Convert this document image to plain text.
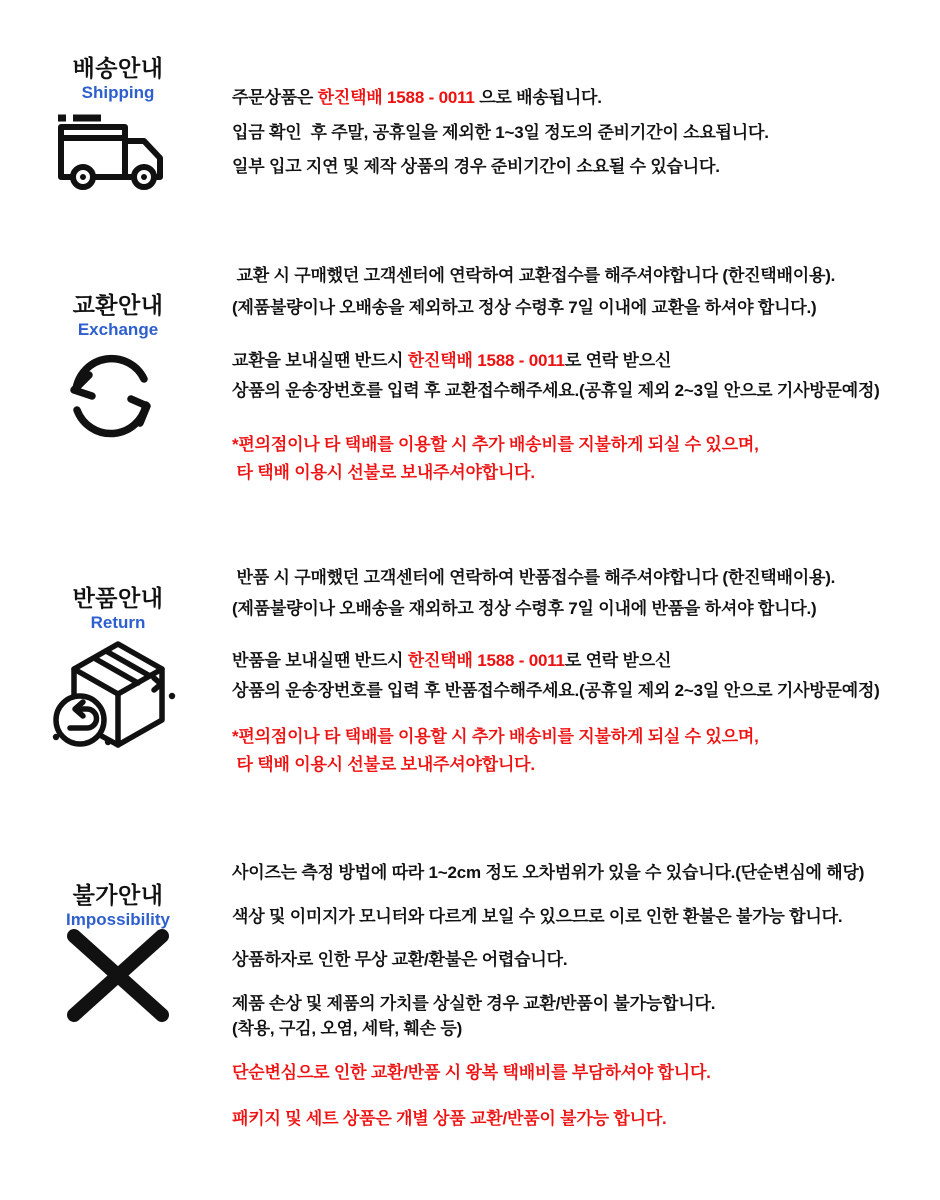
배송안내
Shipping	주문상품은 한진택배 1588 - 0011 으로 배송됩니다.
입금 확인  후 주말, 공휴일을 제외한 1~3일 정도의 준비기간이 소요됩니다.
일부 입고 지연 및 제작 상품의 경우 준비기간이 소요될 수 있습니다.
교환안내
Exchange
교환 시 구매했던 고객센터에 연락하여 교환접수를 해주셔야합니다 (한진택배이용).
(제품불량이나 오배송을 제외하고 정상 수령후 7일 이내에 교환을 하셔야 합니다.)
교환을 보내실땐 반드시 한진택배 1588 - 0011로 연락 받으신
상품의 운송장번호를 입력 후 교환접수해주세요.(공휴일 제외 2~3일 안으로 기사방문예정)
*편의점이나 타 택배를 이용할 시 추가 배송비를 지불하게 되실 수 있으며,
타 택배 이용시 선불로 보내주셔야합니다.
반품안내
Return
반품 시 구매했던 고객센터에 연락하여 반품접수를 해주셔야합니다 (한진택배이용).
(제품불량이나 오배송을 재외하고 정상 수령후 7일 이내에 반품을 하셔야 합니다.)
반품을 보내실땐 반드시 한진택배 1588 - 0011로 연락 받으신
상품의 운송장번호를 입력 후 반품접수해주세요.(공휴일 제외 2~3일 안으로 기사방문예정)
*편의점이나 타 택배를 이용할 시 추가 배송비를 지불하게 되실 수 있으며,
타 택배 이용시 선불로 보내주셔야합니다.
불가안내
Impossibility
사이즈는 측정 방법에 따라 1~2cm 정도 오차범위가 있을 수 있습니다.(단순변심에 해당)
색상 및 이미지가 모니터와 다르게 보일 수 있으므로 이로 인한 환불은 불가능 합니다.
상품하자로 인한 무상 교환/환불은 어렵습니다.
제품 손상 및 제품의 가치를 상실한 경우 교환/반품이 불가능합니다.
(착용, 구김, 오염, 세탁, 훼손 등)
단순변심으로 인한 교환/반품 시 왕복 택배비를 부담하셔야 합니다.
패키지 및 세트 상품은 개별 상품 교환/반품이 불가능 합니다.
